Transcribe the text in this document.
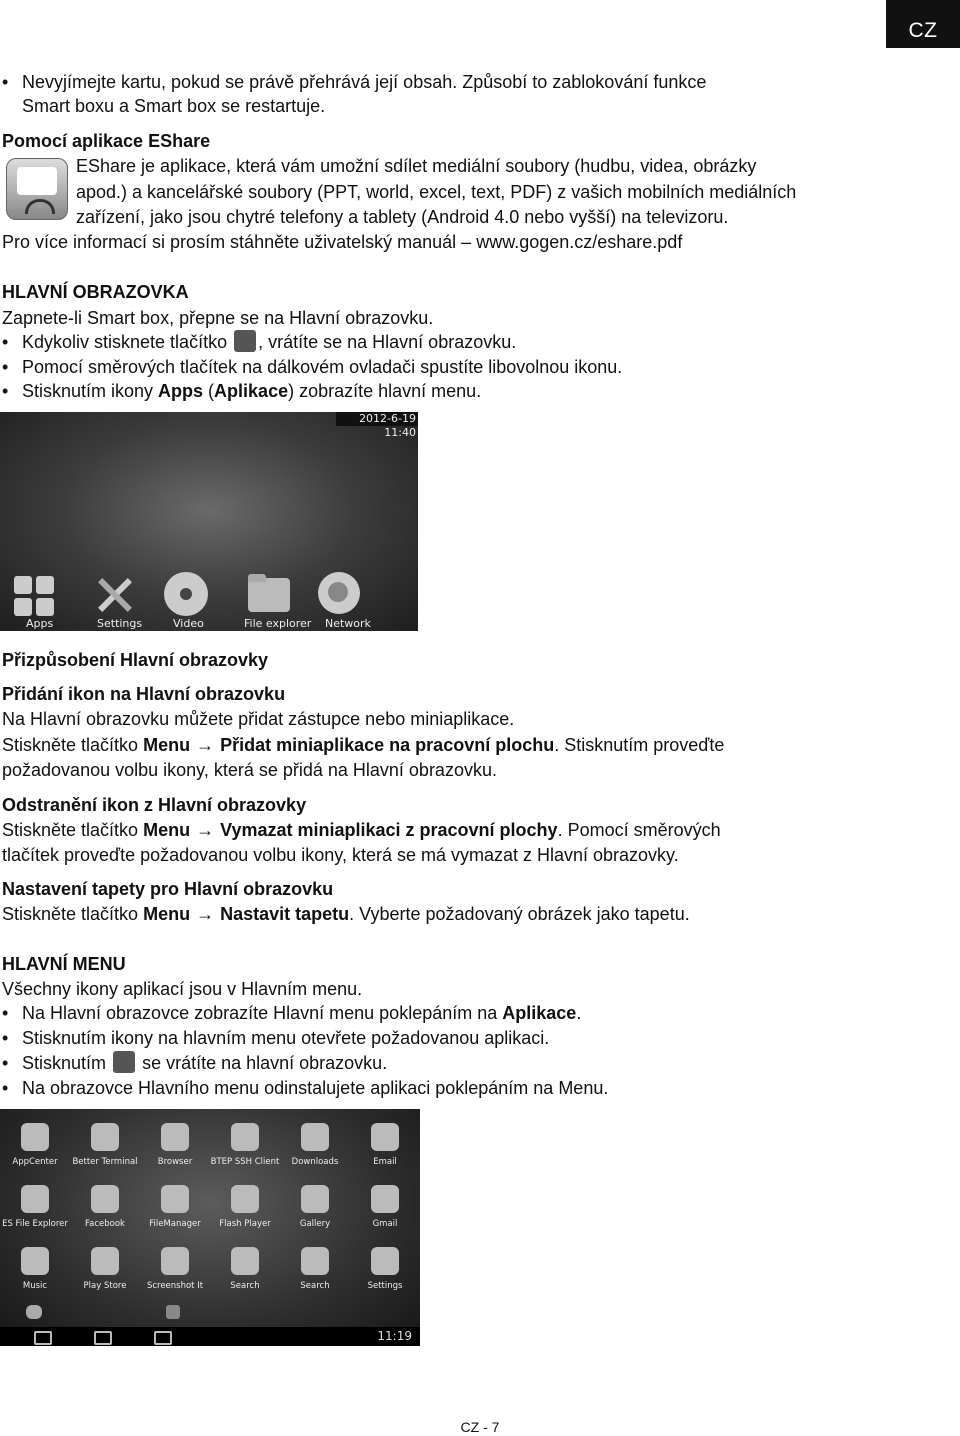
CZ
• Nevyjímejte kartu, pokud se právě přehrává její obsah. Způsobí to zablokování funkce
Smart boxu a Smart box se restartuje.
Pomocí aplikace EShare
EShare je aplikace, která vám umožní sdílet mediální soubory (hudbu, videa, obrázky
apod.) a kancelářské soubory (PPT, world, excel, text, PDF) z vašich mobilních mediálních
zařízení, jako jsou chytré telefony a tablety (Android 4.0 nebo vyšší) na televizoru.
Pro více informací si prosím stáhněte uživatelský manuál – www.gogen.cz/eshare.pdf
HLAVNÍ OBRAZOVKA
Zapnete-li Smart box, přepne se na Hlavní obrazovku.
• Kdykoliv stisknete tlačítko , vrátíte se na Hlavní obrazovku.
• Pomocí směrových tlačítek na dálkovém ovladači spustíte libovolnou ikonu.
• Stisknutím ikony Apps (Aplikace) zobrazíte hlavní menu.
2012-6-19 11:40
Apps	Settings	Video	File explorer Network
Přizpůsobení Hlavní obrazovky
Přidání ikon na Hlavní obrazovku
Na Hlavní obrazovku můžete přidat zástupce nebo miniaplikace.
Stiskněte tlačítko Menu → Přidat miniaplikace na pracovní plochu. Stisknutím proveďte
požadovanou volbu ikony, která se přidá na Hlavní obrazovku.
Odstranění ikon z Hlavní obrazovky
Stiskněte tlačítko Menu → Vymazat miniaplikaci z pracovní plochy. Pomocí směrových
tlačítek proveďte požadovanou volbu ikony, která se má vymazat z Hlavní obrazovky.
Nastavení tapety pro Hlavní obrazovku
Stiskněte tlačítko Menu → Nastavit tapetu. Vyberte požadovaný obrázek jako tapetu.
HLAVNÍ MENU
Všechny ikony aplikací jsou v Hlavním menu.
• Na Hlavní obrazovce zobrazíte Hlavní menu poklepáním na Aplikace.
• Stisknutím ikony na hlavním menu otevřete požadovanou aplikaci.
• Stisknutím se vrátíte na hlavní obrazovku.
• Na obrazovce Hlavního menu odinstalujete aplikaci poklepáním na Menu.
AppCenter	Better Terminal	Browser	BTEP SSH Client	Downloads	Email
ES File Explorer	Facebook	FileManager	Flash Player	Gallery	Gmail
Music	Play Store	Screenshot It	Search	Search	Settings
11:19
CZ - 7
